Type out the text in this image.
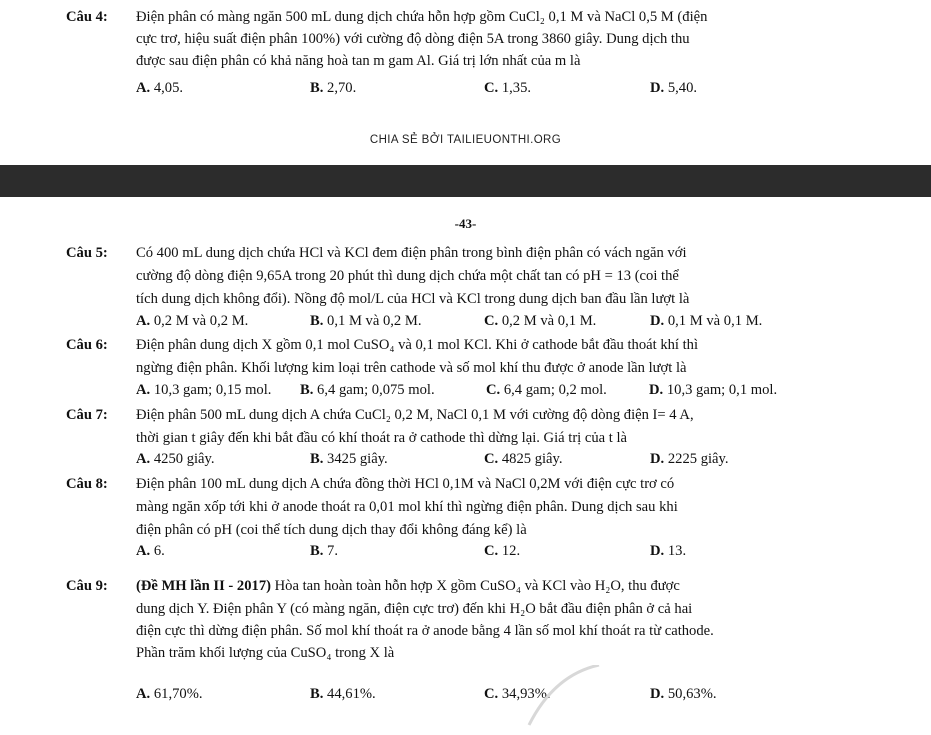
Câu 4: Điện phân có màng ngăn 500 mL dung dịch chứa hỗn hợp gồm CuCl₂ 0,1 M và NaCl 0,5 M (điện
cực trơ, hiệu suất điện phân 100%) với cường độ dòng điện 5A trong 3860 giây. Dung dịch thu
được sau điện phân có khả năng hoà tan m gam Al. Giá trị lớn nhất của m là
A. 4,05.	B. 2,70.	C. 1,35.	D. 5,40.
CHIA SẺ BỞI TAILIEUONTHI.ORG
-43-
Câu 5: Có 400 mL dung dịch chứa HCl và KCl đem điện phân trong bình điện phân có vách ngăn với
cường độ dòng điện 9,65A trong 20 phút thì dung dịch chứa một chất tan có pH = 13 (coi thể
tích dung dịch không đổi). Nồng độ mol/L của HCl và KCl trong dung dịch ban đầu lần lượt là
A. 0,2 M và 0,2 M.	B. 0,1 M và 0,2 M.	C. 0,2 M và 0,1 M.	D. 0,1 M và 0,1 M.
Câu 6: Điện phân dung dịch X gồm 0,1 mol CuSO₄ và 0,1 mol KCl. Khi ở cathode bắt đầu thoát khí thì
ngừng điện phân. Khối lượng kim loại trên cathode và số mol khí thu được ở anode lần lượt là
A. 10,3 gam; 0,15 mol. B. 6,4 gam; 0,075 mol.	C. 6,4 gam; 0,2 mol.	D. 10,3 gam; 0,1 mol.
Câu 7: Điện phân 500 mL dung dịch A chứa CuCl₂ 0,2 M, NaCl 0,1 M với cường độ dòng điện I= 4 A,
thời gian t giây đến khi bắt đầu có khí thoát ra ở cathode thì dừng lại. Giá trị của t là
A. 4250 giây.	B. 3425 giây.	C. 4825 giây.	D. 2225 giây.
Câu 8: Điện phân 100 mL dung dịch A chứa đồng thời HCl 0,1M và NaCl 0,2M với điện cực trơ có
màng ngăn xốp tới khi ở anode thoát ra 0,01 mol khí thì ngừng điện phân. Dung dịch sau khi
điện phân có pH (coi thể tích dung dịch thay đổi không đáng kể) là
A. 6.	B. 7.	C. 12.	D. 13.
Câu 9: (Đề MH lần II - 2017) Hòa tan hoàn toàn hỗn hợp X gồm CuSO₄ và KCl vào H₂O, thu được
dung dịch Y. Điện phân Y (có màng ngăn, điện cực trơ) đến khi H₂O bắt đầu điện phân ở cả hai
điện cực thì dừng điện phân. Số mol khí thoát ra ở anode bằng 4 lần số mol khí thoát ra từ cathode.
Phần trăm khối lượng của CuSO₄ trong X là
A. 61,70%.	B. 44,61%.	C. 34,93%.	D. 50,63%.
